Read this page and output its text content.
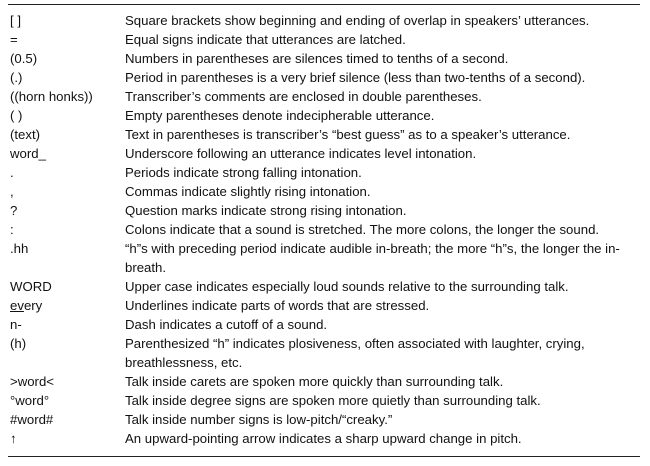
[ ]	Square brackets show beginning and ending of overlap in speakers’ utterances.
=	Equal signs indicate that utterances are latched.
(0.5)	Numbers in parentheses are silences timed to tenths of a second.
(.)	Period in parentheses is a very brief silence (less than two-tenths of a second).
((horn honks))	Transcriber’s comments are enclosed in double parentheses.
( )	Empty parentheses denote indecipherable utterance.
(text)	Text in parentheses is transcriber’s “best guess” as to a speaker’s utterance.
word_	Underscore following an utterance indicates level intonation.
.	Periods indicate strong falling intonation.
,	Commas indicate slightly rising intonation.
?	Question marks indicate strong rising intonation.
:	Colons indicate that a sound is stretched. The more colons, the longer the sound.
.hh	“h”s with preceding period indicate audible in-breath; the more “h”s, the longer the in-breath.
WORD	Upper case indicates especially loud sounds relative to the surrounding talk.
every	Underlines indicate parts of words that are stressed.
n-	Dash indicates a cutoff of a sound.
(h)	Parenthesized “h” indicates plosiveness, often associated with laughter, crying, breathlessness, etc.
>word<	Talk inside carets are spoken more quickly than surrounding talk.
°word°	Talk inside degree signs are spoken more quietly than surrounding talk.
#word#	Talk inside number signs is low-pitch/“creaky.”
↑	An upward-pointing arrow indicates a sharp upward change in pitch.
